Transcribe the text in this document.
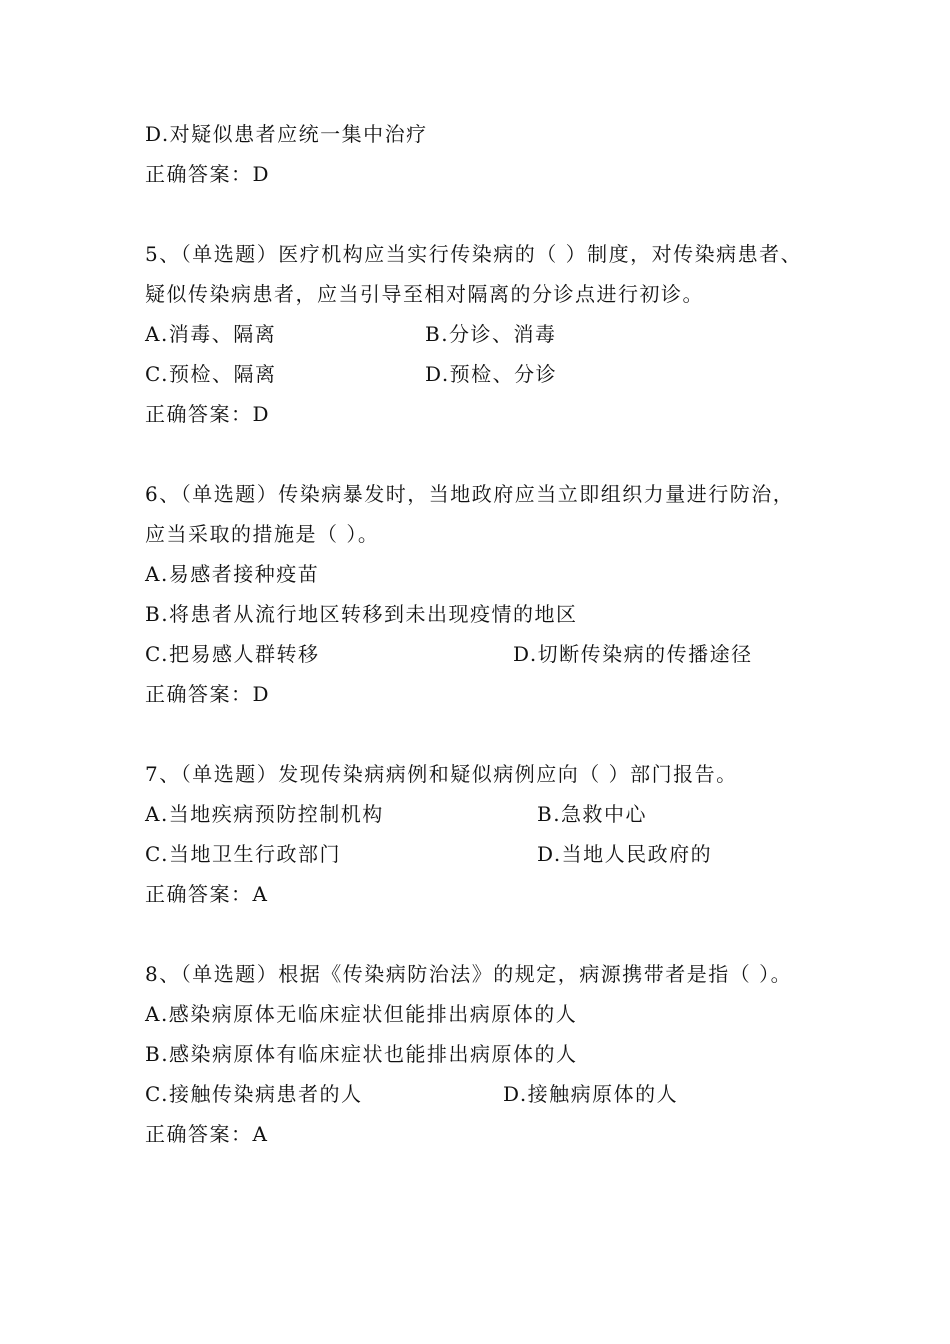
D.对疑似患者应统一集中治疗
正确答案：D
5、（单选题）医疗机构应当实行传染病的（ ）制度，对传染病患者、
疑似传染病患者，应当引导至相对隔离的分诊点进行初诊。
A.消毒、隔离	B.分诊、消毒
C.预检、隔离	D.预检、分诊
正确答案：D
6、（单选题）传染病暴发时，当地政府应当立即组织力量进行防治，
应当采取的措施是（ ）。
A.易感者接种疫苗
B.将患者从流行地区转移到未出现疫情的地区
C.把易感人群转移	D.切断传染病的传播途径
正确答案：D
7、（单选题）发现传染病病例和疑似病例应向（ ）部门报告。
A.当地疾病预防控制机构	B.急救中心
C.当地卫生行政部门	D.当地人民政府的
正确答案：A
8、（单选题）根据《传染病防治法》的规定，病源携带者是指（ ）。
A.感染病原体无临床症状但能排出病原体的人
B.感染病原体有临床症状也能排出病原体的人
C.接触传染病患者的人	D.接触病原体的人
正确答案：A
